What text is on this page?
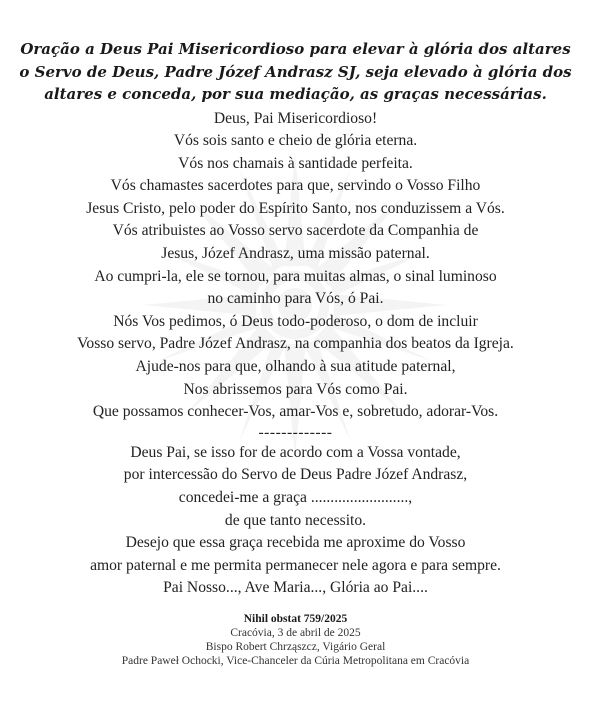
Oração a Deus Pai Misericordioso para elevar à glória dos altares
o Servo de Deus, Padre Józef Andrasz SJ, seja elevado à glória dos
altares e conceda, por sua mediação, as graças necessárias.
Deus, Pai Misericordioso!
Vós sois santo e cheio de glória eterna.
Vós nos chamais à santidade perfeita.
Vós chamastes sacerdotes para que, servindo o Vosso Filho
Jesus Cristo, pelo poder do Espírito Santo, nos conduzissem a Vós.
Vós atribuistes ao Vosso servo sacerdote da Companhia de
Jesus, Józef Andrasz, uma missão paternal.
Ao cumpri-la, ele se tornou, para muitas almas, o sinal luminoso
no caminho para Vós, ó Pai.
Nós Vos pedimos, ó Deus todo-poderoso, o dom de incluir
Vosso servo, Padre Józef Andrasz, na companhia dos beatos da Igreja.
Ajude-nos para que, olhando à sua atitude paternal,
Nos abrissemos para Vós como Pai.
Que possamos conhecer-Vos, amar-Vos e, sobretudo, adorar-Vos.
-------------
Deus Pai, se isso for de acordo com a Vossa vontade,
por intercessão do Servo de Deus Padre Józef Andrasz,
concedei-me a graça .........................,
de que tanto necessito.
Desejo que essa graça recebida me aproxime do Vosso
amor paternal e me permita permanecer nele agora e para sempre.
Pai Nosso..., Ave Maria..., Glória ao Pai....
Nihil obstat 759/2025
Cracóvia, 3 de abril de 2025
Bispo Robert Chrząszcz, Vigário Geral
Padre Paweł Ochocki, Vice-Chanceler da Cúria Metropolitana em Cracóvia
